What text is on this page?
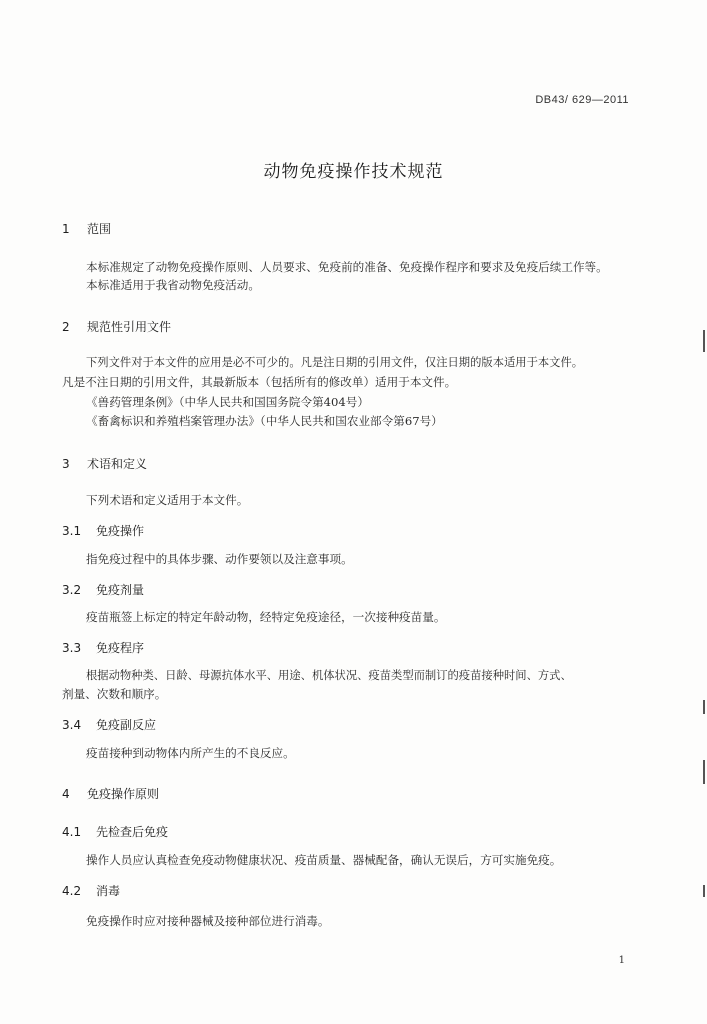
DB43/ 629—2011
动物免疫操作技术规范
1 范围
本标准规定了动物免疫操作原则、人员要求、免疫前的准备、免疫操作程序和要求及免疫后续工作等。
本标准适用于我省动物免疫活动。
2 规范性引用文件
下列文件对于本文件的应用是必不可少的。凡是注日期的引用文件，仅注日期的版本适用于本文件。
凡是不注日期的引用文件，其最新版本（包括所有的修改单）适用于本文件。
《兽药管理条例》（中华人民共和国国务院令第404号）
《畜禽标识和养殖档案管理办法》（中华人民共和国农业部令第67号）
3 术语和定义
下列术语和定义适用于本文件。
3.1 免疫操作
指免疫过程中的具体步骤、动作要领以及注意事项。
3.2 免疫剂量
疫苗瓶签上标定的特定年龄动物，经特定免疫途径，一次接种疫苗量。
3.3 免疫程序
根据动物种类、日龄、母源抗体水平、用途、机体状况、疫苗类型而制订的疫苗接种时间、方式、
剂量、次数和顺序。
3.4 免疫副反应
疫苗接种到动物体内所产生的不良反应。
4 免疫操作原则
4.1 先检查后免疫
操作人员应认真检查免疫动物健康状况、疫苗质量、器械配备，确认无误后，方可实施免疫。
4.2 消毒
免疫操作时应对接种器械及接种部位进行消毒。
1
